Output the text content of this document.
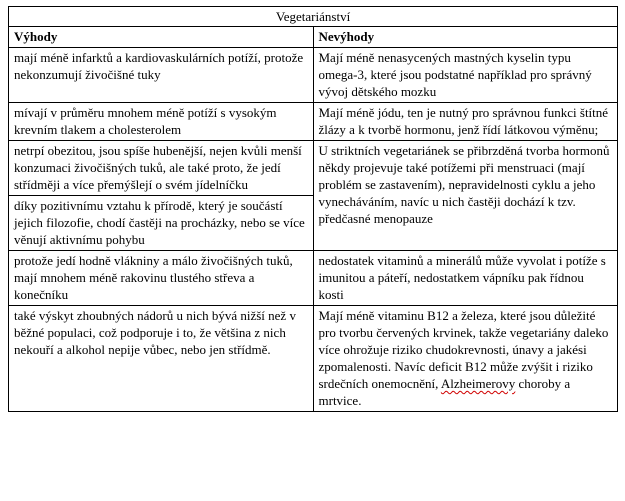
Vegetariánství	
Výhody	Nevýhody
mají méně infarktů a kardiovaskulárních potíží, protože nekonzumují živočišné tuky	Mají méně nenasycených mastných kyselin typu omega-3, které jsou podstatné například pro správný vývoj dětského mozku
mívají v průměru mnohem méně potíží s vysokým krevním tlakem a cholesterolem	Mají méně jódu, ten je nutný pro správnou funkci štítné žlázy a k tvorbě hormonu, jenž řídí látkovou výměnu;
netrpí obezitou, jsou spíše hubenější, nejen kvůli menší konzumaci živočišných tuků, ale také proto, že jedí střídměji a více přemýšlejí o svém jídelníčku	U striktních vegetariánek se přibrzděná tvorba hormonů někdy projevuje také potížemi při menstruaci (mají problém se zastavením), nepravidelnosti cyklu a jeho vynecháváním, navíc u nich častěji dochází k tzv. předčasné menopauze
díky pozitivnímu vztahu k přírodě, který je součástí jejich filozofie, chodí častěji na procházky, nebo se více věnují aktivnímu pohybu	
protože jedí hodně vlákniny a málo živočišných tuků, mají mnohem méně rakovinu tlustého střeva a konečníku	nedostatek vitaminů a minerálů může vyvolat i potíže s imunitou a páteří, nedostatkem vápníku pak řídnou kosti
také výskyt zhoubných nádorů u nich bývá nižší než v běžné populaci, což podporuje i to, že většina z nich nekouří a alkohol nepije vůbec, nebo jen střídmě.	Mají méně vitaminu B12 a železa, které jsou důležité pro tvorbu červených krvinek, takže vegetariány daleko více ohrožuje riziko chudokrevnosti, únavy a jakési zpomalenosti. Navíc deficit B12 může zvýšit i riziko srdečních onemocnění, Alzheimerovy choroby a mrtvice.
